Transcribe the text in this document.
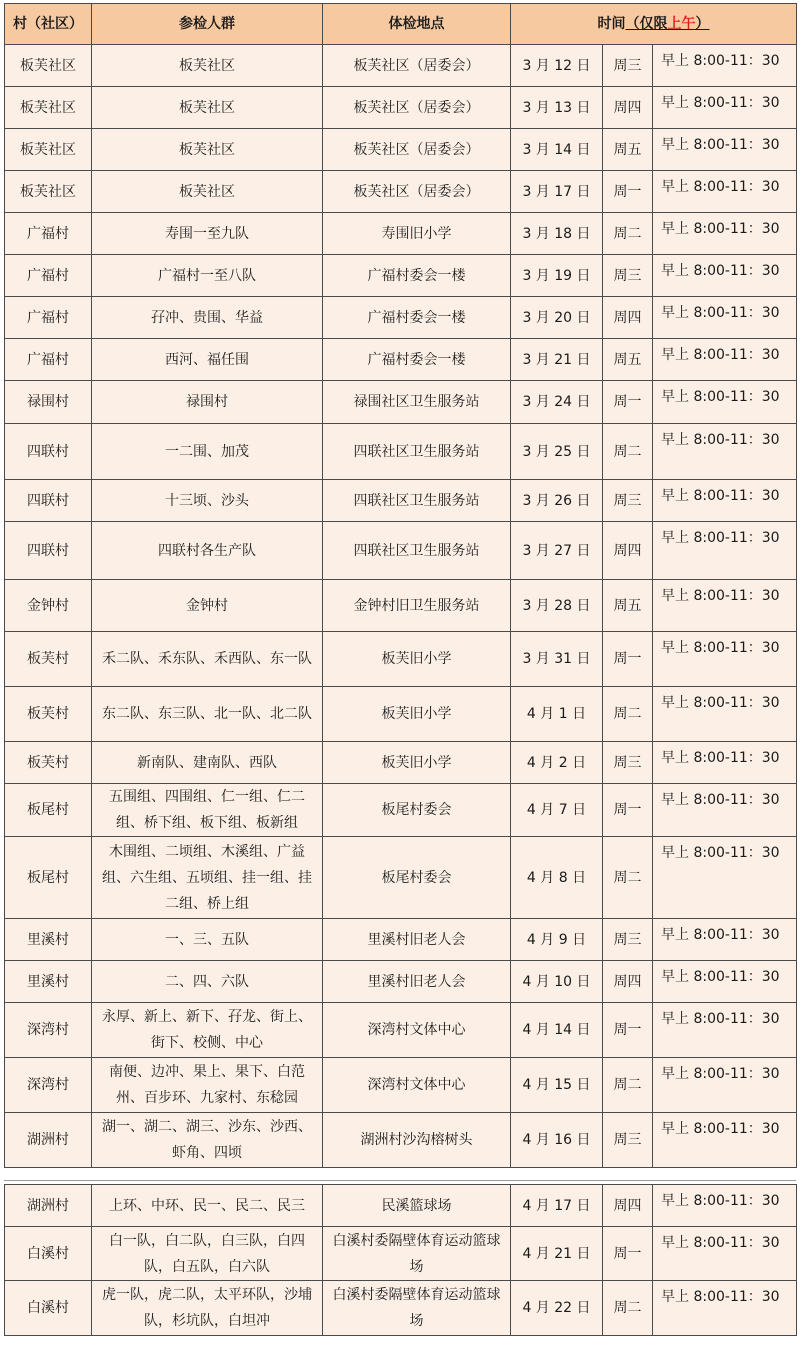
村（社区）	参检人群	体检地点	时间（仅限上午）		
板芙社区	板芙社区	板芙社区（居委会）	3 月 12 日	周三	早上 8:00-11：30
板芙社区	板芙社区	板芙社区（居委会）	3 月 13 日	周四	早上 8:00-11：30
板芙社区	板芙社区	板芙社区（居委会）	3 月 14 日	周五	早上 8:00-11：30
板芙社区	板芙社区	板芙社区（居委会）	3 月 17 日	周一	早上 8:00-11：30
广福村	寿围一至九队	寿围旧小学	3 月 18 日	周二	早上 8:00-11：30
广福村	广福村一至八队	广福村委会一楼	3 月 19 日	周三	早上 8:00-11：30
广福村	孖冲、贵围、华益	广福村委会一楼	3 月 20 日	周四	早上 8:00-11：30
广福村	西河、福任围	广福村委会一楼	3 月 21 日	周五	早上 8:00-11：30
禄围村	禄围村	禄围社区卫生服务站	3 月 24 日	周一	早上 8:00-11：30
四联村	一二围、加茂	四联社区卫生服务站	3 月 25 日	周二	早上 8:00-11：30
四联村	十三顷、沙头	四联社区卫生服务站	3 月 26 日	周三	早上 8:00-11：30
四联村	四联村各生产队	四联社区卫生服务站	3 月 27 日	周四	早上 8:00-11：30
金钟村	金钟村	金钟村旧卫生服务站	3 月 28 日	周五	早上 8:00-11：30
板芙村	禾二队、禾东队、禾西队、东一队	板芙旧小学	3 月 31 日	周一	早上 8:00-11：30
板芙村	东二队、东三队、北一队、北二队	板芙旧小学	4 月 1 日	周二	早上 8:00-11：30
板芙村	新南队、建南队、西队	板芙旧小学	4 月 2 日	周三	早上 8:00-11：30
板尾村	五围组、四围组、仁一组、仁二组、桥下组、板下组、板新组	板尾村委会	4 月 7 日	周一	早上 8:00-11：30
板尾村	木围组、二顷组、木溪组、广益组、六生组、五顷组、挂一组、挂二组、桥上组	板尾村委会	4 月 8 日	周二	早上 8:00-11：30
里溪村	一、三、五队	里溪村旧老人会	4 月 9 日	周三	早上 8:00-11：30
里溪村	二、四、六队	里溪村旧老人会	4 月 10 日	周四	早上 8:00-11：30
深湾村	永厚、新上、新下、孖龙、街上、街下、校侧、中心	深湾村文体中心	4 月 14 日	周一	早上 8:00-11：30
深湾村	南便、边冲、果上、果下、白范州、百步环、九家村、东稔园	深湾村文体中心	4 月 15 日	周二	早上 8:00-11：30
湖洲村	湖一、湖二、湖三、沙东、沙西、虾角、四顷	湖洲村沙沟榕树头	4 月 16 日	周三	早上 8:00-11：30
湖洲村	上环、中环、民一、民二、民三	民溪篮球场	4 月 17 日	周四	早上 8:00-11：30
白溪村	白一队，白二队，白三队，白四队，白五队，白六队	白溪村委隔壁体育运动篮球场	4 月 21 日	周一	早上 8:00-11：30
白溪村	虎一队，虎二队，太平环队，沙埔队，杉坑队，白坦冲	白溪村委隔壁体育运动篮球场	4 月 22 日	周二	早上 8:00-11：30
